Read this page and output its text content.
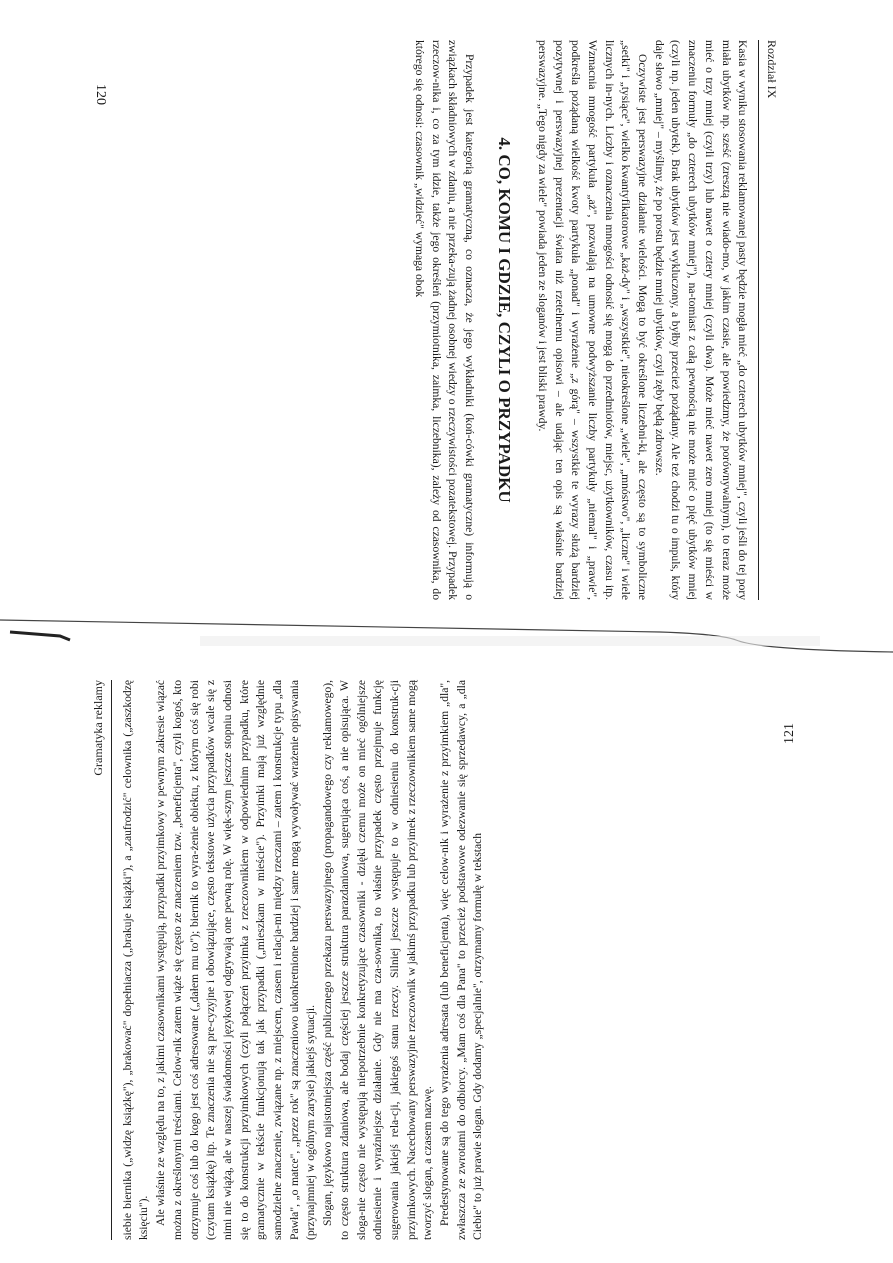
Rozdział IX

Kasia w wyniku stosowania reklamowanej pasty będzie mogła mieć „do czterech ubytków mniej", czyli jeśli do tej pory miała ubytków np. sześć (zresztą nie wiado-mo, w jakim czasie, ale powiedzmy, że porównywalnym), to teraz może mieć o trzy mniej (czyli trzy) lub nawet o cztery mniej (czyli dwa). Może mieć nawet zero mniej (to się mieści w znaczeniu formuły „do czterech ubytków mniej"), na-tomiast z całą pewnością nie może mieć o pięć ubytków mniej (czyli np. jeden ubytek). Brak ubytków jest wykluczony, a byłby przecież pożądany. Ale też chodzi tu o impuls, który daje słowo „mniej" – myślimy, że po prostu będzie mniej ubytków, czyli zęby będą zdrowsze.

Oczywiste jest perswazyjne działanie wielości. Mogą to być określone liczebni-ki, ale często są to symboliczne „setki" i „tysiące", wielko kwantyfikatorowe „każ-dy" i „wszystkie", nieokreślone „wiele", „mnóstwo", „liczne" i wiele licznych in-nych. Liczby i oznaczenia mnogości odnosić się mogą do przedmiotów, miejsc, użytkowników, czasu itp. Wzmacnia mnogość partykuła „aż", pozwalają na umowne podwyższanie liczby partykuły „niemal" i „prawie", podkreśla pożądaną wielkość kwoty partykuła „ponad" i wyrażenie „z górą" – wszystkie te wyrazy służą bardziej pozytywnej i perswazyjnej prezentacji świata niż rzetelnemu opisowi – ale udając ten opis są właśnie bardziej perswazyjne. „Tego nigdy za wiele" powiada jeden ze sloganów i jest bliski prawdy.

4. CO, KOMU I GDZIE, CZYLI O PRZYPADKU

Przypadek jest kategorią gramatyczną, co oznacza, że jego wykładniki (koń-cówki gramatyczne) informują o związkach składniowych w zdaniu, a nie przeka-zują żadnej osobnej wiedzy o rzeczywistości pozatekstowej. Przypadek rzeczow-nika i, co za tym idzie, także jego określeń (przymiotnika, zaimka, liczebnika), zależy od czasownika, do którego się odnosi: czasownik „widzieć" wymaga obok

120
Gramatyka reklamy siebie biernika („widzę książkę"), „brakować" dopełniacza („brakuje książki"), a „zaufrodzić" celownika („zaszkodzę księciu"). Ale właśnie ze względu na to, z jakimi czasownikami występują, przypadki przyimkowy w pewnym zakresie wiązać można z określonymi treściami. Celow-nik zatem wiąże się często ze znaczeniem tzw. „beneficjenta", czyli kogoś, kto otrzymuje coś lub do kogo jest coś adresowane („dałem mu to"); biernik to wyra-żenie obiektu, z którym coś się robi (czytam książkę) itp. Te znaczenia nie są pre-cyzyjne i obowiązujące, często tekstowe użycia przypadków wcale się z nimi nie wiążą, ale w naszej świadomości językowej odgrywają one pewną rolę. W więk-szym jeszcze stopniu odnosi się to do konstrukcji przyimkowych (czyli połączeń przyimka z rzeczownikiem w odpowiednim przypadku, które gramatycznie w tekście funkcjonują tak jak przypadki („mieszkam w mieście"). Przyimki mają już względnie samodzielne znaczenie, związane np. z miejscem, czasem i relacja-mi między rzeczami – zatem i konstrukcje typu „dla Pawła", „o matce", „przez rok" są znaczeniowo ukonkretnione bardziej i same mogą wywoływać wrażenie opisywania (przynajmniej w ogólnym zarysie) jakiejś sytuacji. Slogan, językowo najistotniejsza część publicznego przekazu perswazyjnego (propagandowego czy reklamowego), to często struktura zdaniowa, ale bodaj częściej jeszcze struktura parazdaniowa, sugerująca coś, a nie opisująca. W sloga-nie często nie występują niepotrzebnie konkretyzujące czasowniki - dzięki czemu może on mieć ogólniejsze odniesienie i wyraźniejsze działanie. Gdy nie ma cza-sownika, to właśnie przypadek często przejmuje funkcję sugerowania jakiejś rela-cji, jakiegoś stanu rzeczy. Silniej jeszcze występuje to w odniesieniu do konstruk-cji przyimkowych. Nacechowany perswazyjnie rzeczownik w jakimś przypadku lub przyimek z rzeczownikiem same mogą tworzyć slogan, a czasem nazwę. Predestynowane są do tego wyrażenia adresata (lub beneficjenta), więc celow-nik i wyrażenie z przyimkiem „dla", zwłaszcza ze zwrotami do odbiorcy. „Mam coś dla Pana" to przecież podstawowe odezwanie się sprzedawcy, a „dla Ciebie" to już prawie slogan. Gdy dodamy „specjalnie", otrzymamy formułę w tekstach

121
